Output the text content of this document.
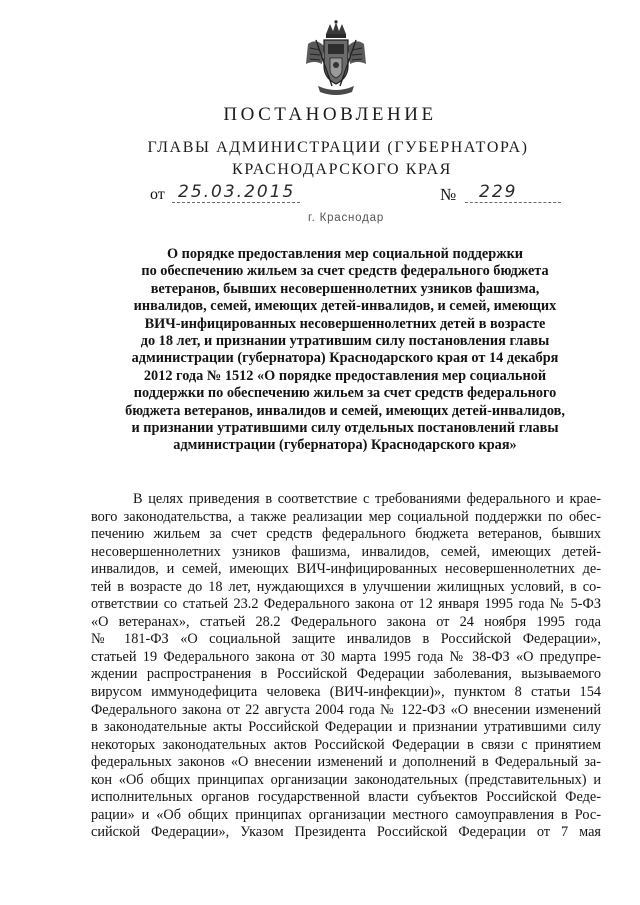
ПОСТАНОВЛЕНИЕ
ГЛАВЫ АДМИНИСТРАЦИИ (ГУБЕРНАТОРА)
КРАСНОДАРСКОГО КРАЯ
от 25.03.2015	№	229
г. Краснодар
О порядке предоставления мер социальной поддержки
по обеспечению жильем за счет средств федерального бюджета
ветеранов, бывших несовершеннолетних узников фашизма,
инвалидов, семей, имеющих детей-инвалидов, и семей, имеющих
ВИЧ-инфицированных несовершеннолетних детей в возрасте
до 18 лет, и признании утратившим силу постановления главы
администрации (губернатора) Краснодарского края от 14 декабря
2012 года № 1512 «О порядке предоставления мер социальной
поддержки по обеспечению жильем за счет средств федерального
бюджета ветеранов, инвалидов и семей, имеющих детей-инвалидов,
и признании утратившими силу отдельных постановлений главы
администрации (губернатора) Краснодарского края»
В целях приведения в соответствие с требованиями федерального и крае-
вого законодательства, а также реализации мер социальной поддержки по обес-
печению жильем за счет средств федерального бюджета ветеранов, бывших
несовершеннолетних узников фашизма, инвалидов, семей, имеющих детей-
инвалидов, и семей, имеющих ВИЧ-инфицированных несовершеннолетних де-
тей в возрасте до 18 лет, нуждающихся в улучшении жилищных условий, в со-
ответствии со статьей 23.2 Федерального закона от 12 января 1995 года № 5-ФЗ
«О ветеранах», статьей 28.2 Федерального закона от 24 ноября 1995 года
№ 181-ФЗ «О социальной защите инвалидов в Российской Федерации»,
статьей 19 Федерального закона от 30 марта 1995 года № 38-ФЗ «О предупре-
ждении распространения в Российской Федерации заболевания, вызываемого
вирусом иммунодефицита человека (ВИЧ-инфекции)», пунктом 8 статьи 154
Федерального закона от 22 августа 2004 года № 122-ФЗ «О внесении изменений
в законодательные акты Российской Федерации и признании утратившими силу
некоторых законодательных актов Российской Федерации в связи с принятием
федеральных законов «О внесении изменений и дополнений в Федеральный за-
кон «Об общих принципах организации законодательных (представительных) и
исполнительных органов государственной власти субъектов Российской Феде-
рации» и «Об общих принципах организации местного самоуправления в Рос-
сийской Федерации», Указом Президента Российской Федерации от 7 мая
